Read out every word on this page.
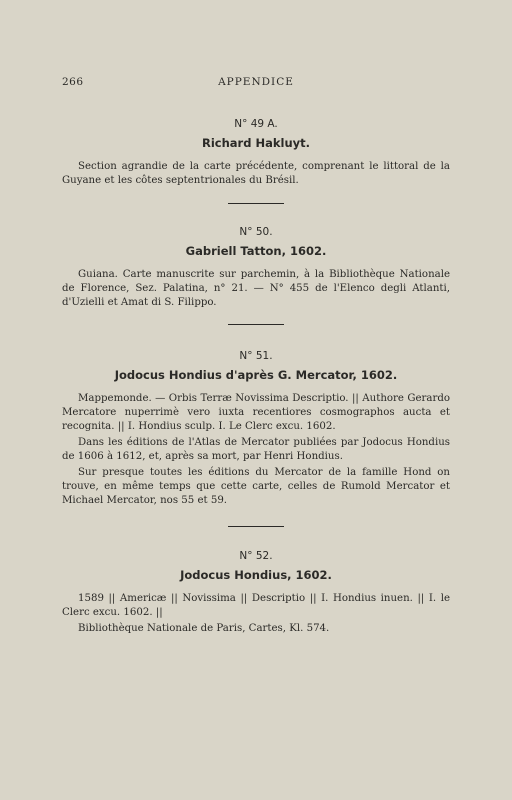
266	APPENDICE
N° 49 A.
Richard Hakluyt.

Section agrandie de la carte précédente, comprenant le littoral de la Guyane et les côtes septentrionales du Brésil.

N° 50.
Gabriell Tatton, 1602.

Guiana. Carte manuscrite sur parchemin, à la Bibliothèque Nationale de Florence, Sez. Palatina, n° 21. — N° 455 de l'Elenco degli Atlanti, d'Uzielli et Amat di S. Filippo.

N° 51.
Jodocus Hondius d'après G. Mercator, 1602.

Mappemonde. — Orbis Terræ Novissima Descriptio. || Authore Gerardo Mercatore nuperrimè vero iuxta recentiores cosmographos aucta et recognita. || I. Hondius sculp. I. Le Clerc excu. 1602.

Dans les éditions de l'Atlas de Mercator publiées par Jodocus Hondius de 1606 à 1612, et, après sa mort, par Henri Hondius.

Sur presque toutes les éditions du Mercator de la famille Hond on trouve, en même temps que cette carte, celles de Rumold Mercator et Michael Mercator, nos 55 et 59.

N° 52.
Jodocus Hondius, 1602.

1589 || Americæ || Novissima || Descriptio || I. Hondius inuen. || I. le Clerc excu. 1602. ||

Bibliothèque Nationale de Paris, Cartes, Kl. 574.
